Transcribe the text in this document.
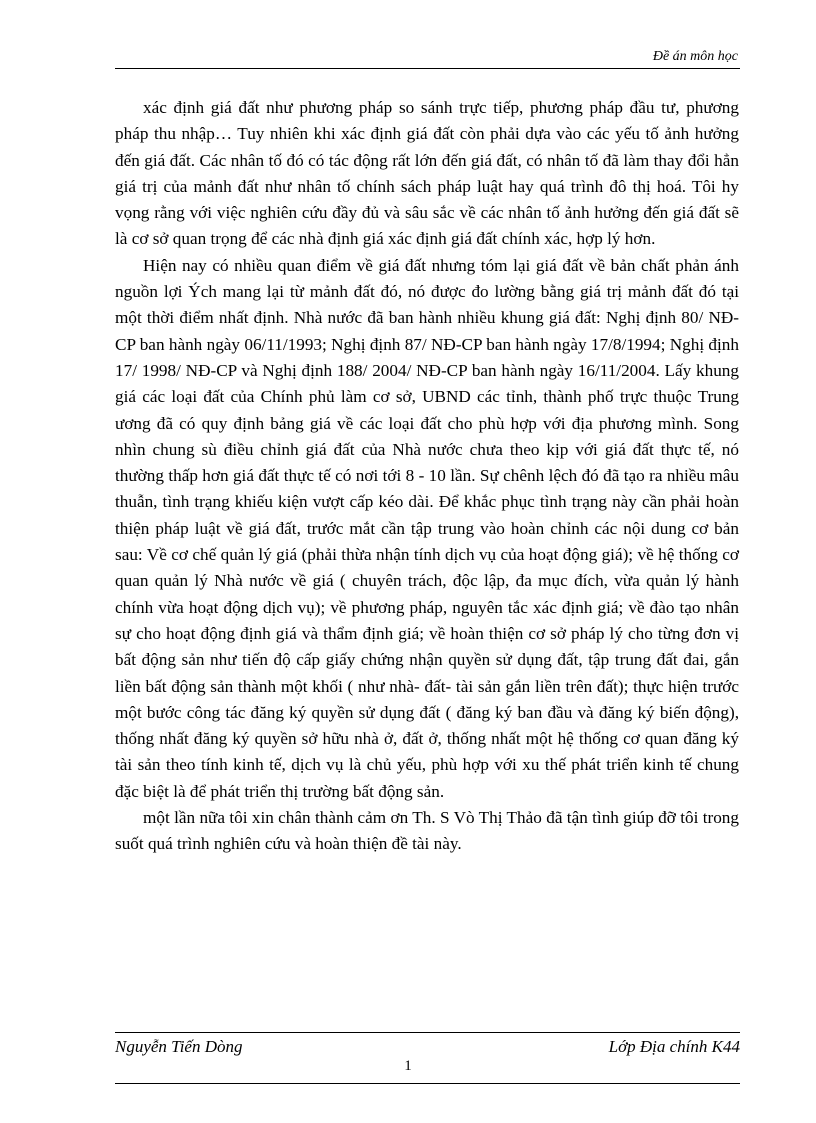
Đề án môn học

xác định giá đất như phương pháp so sánh trực tiếp, phương pháp đầu tư, phương pháp thu nhập… Tuy nhiên khi xác định giá đất còn phải dựa vào các yếu tố ảnh hưởng đến giá đất. Các nhân tố đó có tác động rất lớn đến giá đất, có nhân tố đã làm thay đổi hẳn giá trị của mảnh đất như nhân tố chính sách pháp luật hay quá trình đô thị hoá. Tôi hy vọng rằng với việc nghiên cứu đầy đủ và sâu sắc về các nhân tố ảnh hưởng đến giá đất sẽ là cơ sở quan trọng để các nhà định giá xác định giá đất chính xác, hợp lý hơn.

Hiện nay có nhiều quan điểm về giá đất nhưng tóm lại giá đất về bản chất phản ánh nguồn lợi Ých mang lại từ mảnh đất đó, nó được đo lường bằng giá trị mảnh đất đó tại một thời điểm nhất định. Nhà nước đã ban hành nhiều khung giá đất: Nghị định 80/ NĐ-CP ban hành ngày 06/11/1993; Nghị định 87/ NĐ-CP ban hành ngày 17/8/1994; Nghị định 17/ 1998/ NĐ-CP và Nghị định 188/ 2004/ NĐ-CP ban hành ngày 16/11/2004. Lấy khung giá các loại đất của Chính phủ làm cơ sở, UBND các tỉnh, thành phố trực thuộc Trung ương đã có quy định bảng giá về các loại đất cho phù hợp với địa phương mình. Song nhìn chung sù điều chỉnh giá đất của Nhà nước chưa theo kịp với giá đất thực tế, nó thường thấp hơn giá đất thực tế có nơi tới 8 - 10 lần. Sự chênh lệch đó đã tạo ra nhiều mâu thuẫn, tình trạng khiếu kiện vượt cấp kéo dài. Để khắc phục tình trạng này cần phải hoàn thiện pháp luật về giá đất, trước mắt cần tập trung vào hoàn chỉnh các nội dung cơ bản sau: Về cơ chế quản lý giá (phải thừa nhận tính dịch vụ của hoạt động giá); về hệ thống cơ quan quản lý Nhà nước về giá ( chuyên trách, độc lập, đa mục đích, vừa quản lý hành chính vừa hoạt động dịch vụ); về phương pháp, nguyên tắc xác định giá; về đào tạo nhân sự cho hoạt động định giá và thẩm định giá; về hoàn thiện cơ sở pháp lý cho từng đơn vị bất động sản như tiến độ cấp giấy chứng nhận quyền sử dụng đất, tập trung đất đai, gắn liền bất động sản thành một khối ( như nhà- đất- tài sản gắn liền trên đất); thực hiện trước một bước công tác đăng ký quyền sử dụng đất ( đăng ký ban đầu và đăng ký biến động), thống nhất đăng ký quyền sở hữu nhà ở, đất ở, thống nhất một hệ thống cơ quan đăng ký tài sản theo tính kinh tế, dịch vụ là chủ yếu, phù hợp với xu thế phát triển kinh tế chung đặc biệt là để phát triển thị trường bất động sản.

một lần nữa tôi xin chân thành cảm ơn Th. S Vò Thị Thảo đã tận tình giúp đỡ tôi trong suốt quá trình nghiên cứu và hoàn thiện đề tài này.

Nguyễn Tiến Dòng	Lớp Địa chính K44
1
